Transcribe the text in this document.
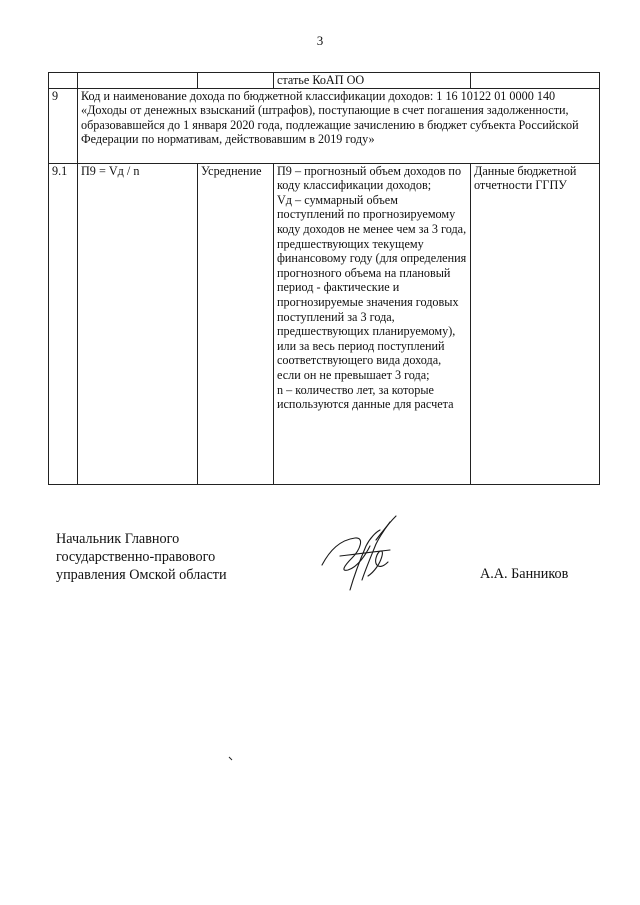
3
			статье КоАП ОО	
9	Код и наименование дохода по бюджетной классификации доходов: 1 16 10122 01 0000 140 «Доходы от денежных взысканий (штрафов), поступающие в счет погашения задолженности, образовавшейся до 1 января 2020 года, подлежащие зачислению в бюджет субъекта Российской Федерации по нормативам, действовавшим в 2019 году»			
9.1	П9 = Vд / n	Усреднение	П9 – прогнозный объем доходов по коду классификации доходов;
Vд – суммарный объем поступлений по прогнозируемому коду доходов не менее чем за 3 года, предшествующих текущему финансовому году (для определения прогнозного объема на плановый период - фактические и прогнозируемые значения годовых поступлений за 3 года, предшествующих планируемому), или за весь период поступлений соответствующего вида дохода, если он не превышает 3 года;
n – количество лет, за которые используются данные для расчета	Данные бюджетной отчетности ГГПУ
Начальник Главного
государственно-правового
управления Омской области	А.А. Банников
